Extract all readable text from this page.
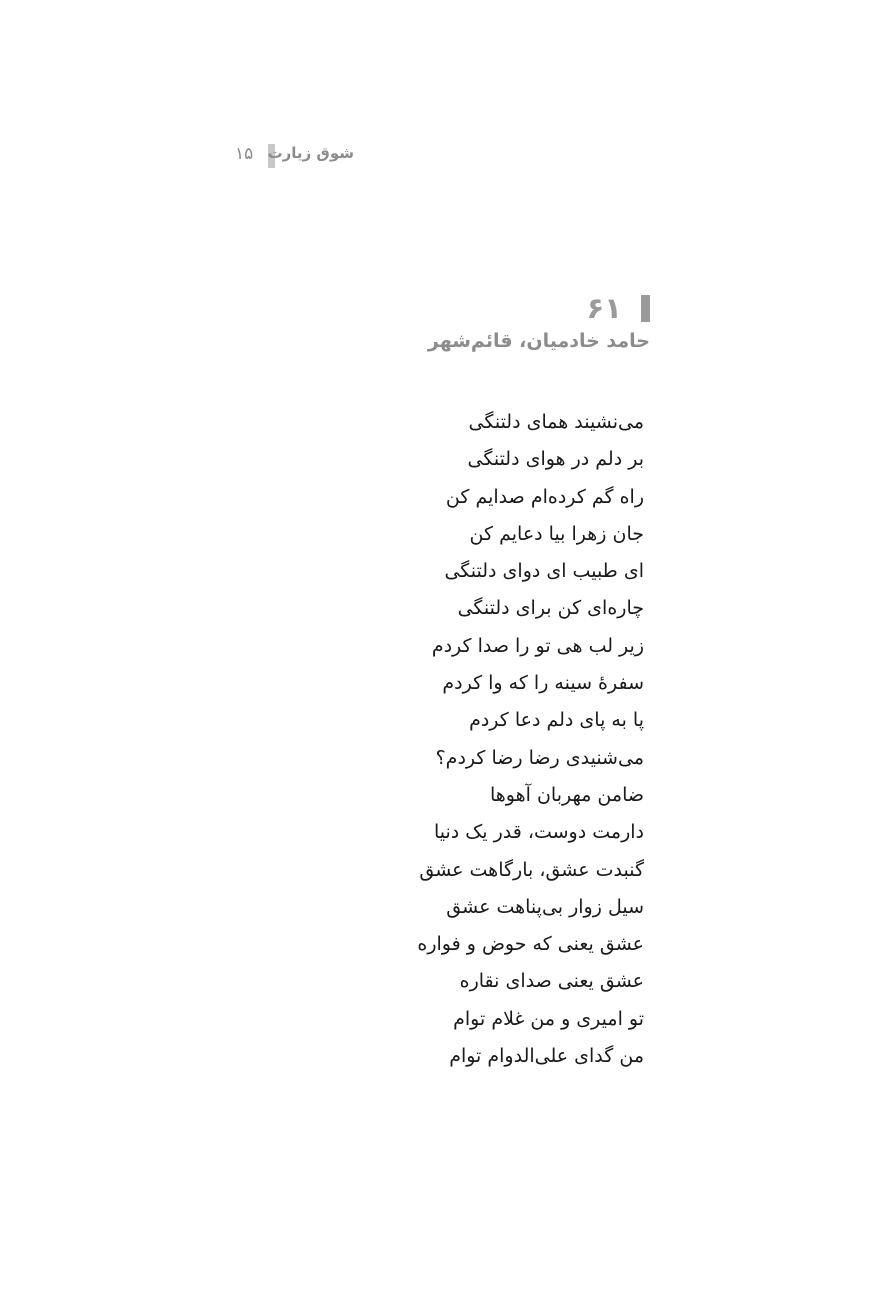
۱۵ شوق زیارت
۶۱
حامد خادمیان، قائم‌شهر
می‌نشیند همای دلتنگی
بر دلم در هوای دلتنگی
راه گم کرده‌ام صدایم کن
جان زهرا بیا دعایم کن
ای طبیب ای دوای دلتنگی
چاره‌ای کن برای دلتنگی
زیر لب هی تو را صدا کردم
سفرهٔ سینه را که وا کردم
پا به پای دلم دعا کردم
می‌شنیدی رضا رضا کردم؟
ضامن مهربان آهوها
دارمت دوست، قدر یک دنیا
گنبدت عشق، بارگاهت عشق
سیل زوار بی‌پناهت عشق
عشق یعنی که حوض و فواره
عشق یعنی صدای نقاره
تو امیری و من غلام توام
من گدای علی‌الدوام توام
